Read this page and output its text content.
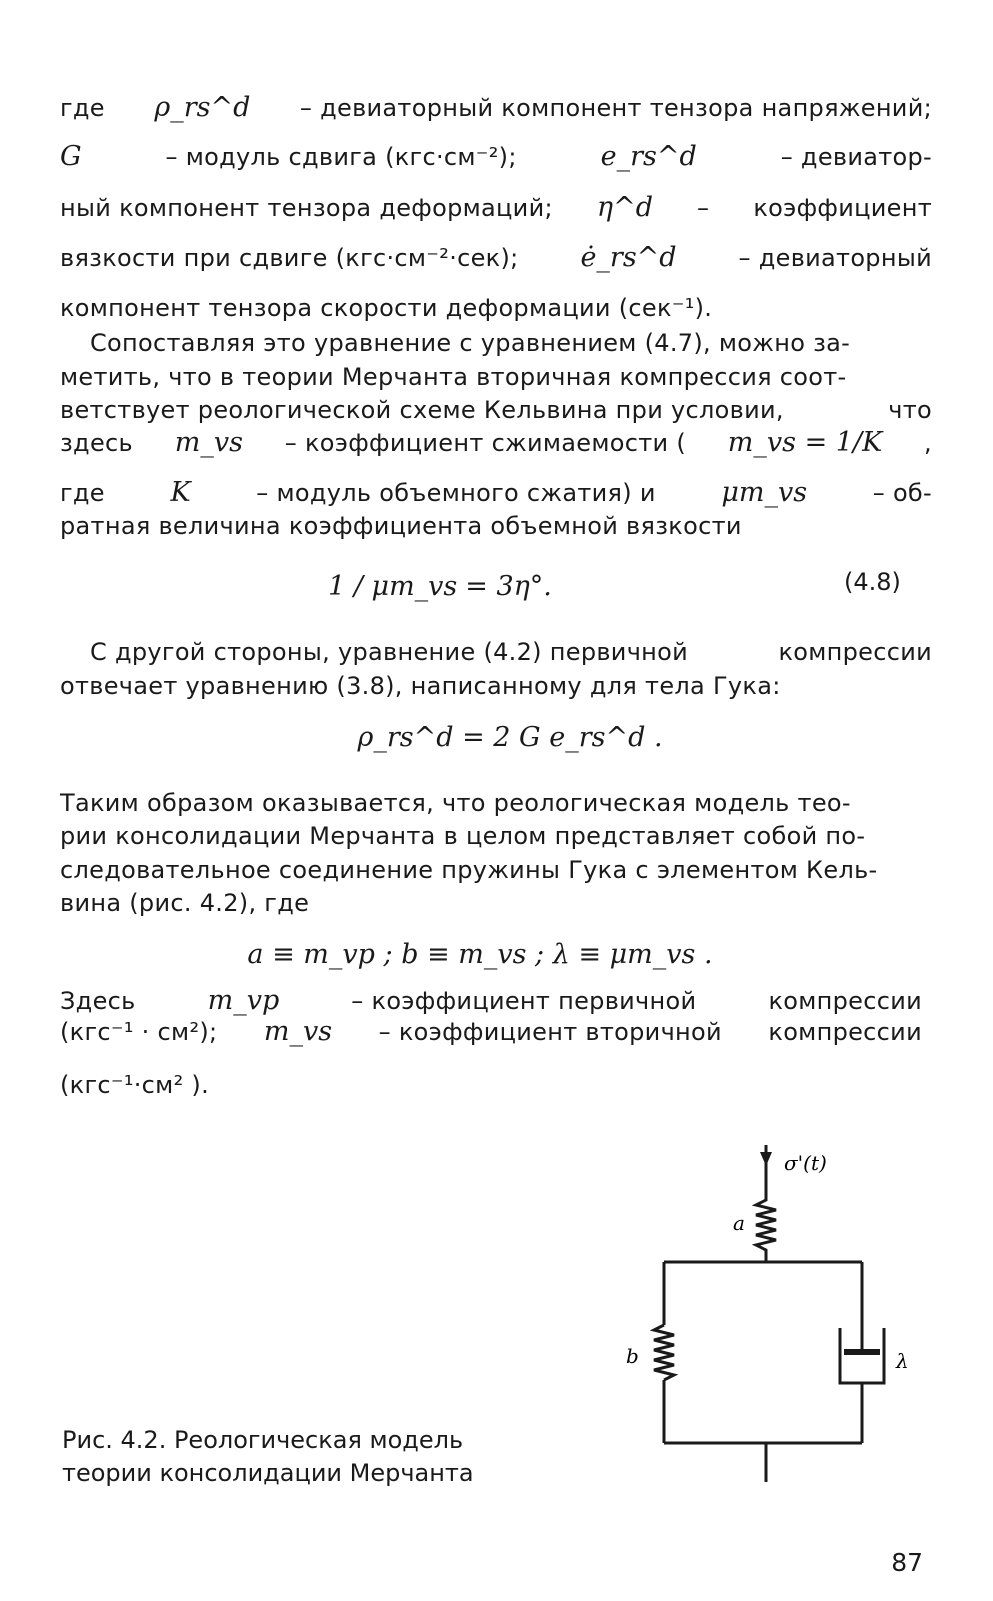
где ρ_rs^d – девиаторный компонент тензора напряжений;
G	– модуль сдвига (кгс·см⁻²);	e_rs^d	– девиатор-
ный компонент тензора деформаций; η^d – коэффициент
вязкости при сдвиге (кгс·см⁻²·сек); ė_rs^d	– девиаторный
компонент тензора скорости деформации (сек⁻¹).
Сопоставляя это уравнение с уравнением (4.7), можно за-
метить, что в теории Мерчанта вторичная компрессия соот-
ветствует реологической схеме Кельвина при условии,	что
здесь m_vs – коэффициент сжимаемости ( m_vs = 1/K ,
где K	– модуль объемного сжатия) и μm_vs	– об-
ратная величина коэффициента объемной вязкости
1 / μm_vs = 3η°.	(4.8)
С другой стороны, уравнение (4.2) первичной	компрессии
отвечает уравнению (3.8), написанному для тела Гука:
ρ_rs^d = 2 G e_rs^d .
Таким образом оказывается, что реологическая модель тео-
рии консолидации Мерчанта в целом представляет собой по-
следовательное соединение пружины Гука с элементом Кель-
вина (рис. 4.2), где
a ≡ m_vp ; b ≡ m_vs ; λ ≡ μm_vs .
Здесь	m_vp	– коэффициент первичной	компрессии
(кгс⁻¹ · см²); m_vs – коэффициент вторичной компрессии
(кгс⁻¹·см² ).
σ'(t)
a
b	λ
Рис. 4.2. Реологическая модель
теории консолидации Мерчанта
87
